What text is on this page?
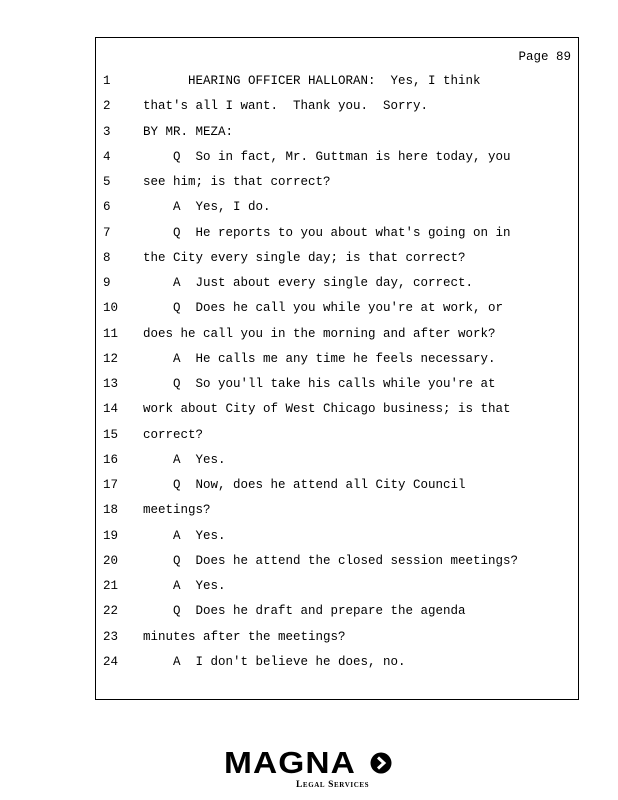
Page 89
1	HEARING OFFICER HALLORAN:  Yes, I think
2	that's all I want.  Thank you.  Sorry.
3	BY MR. MEZA:
4	Q  So in fact, Mr. Guttman is here today, you
5	see him; is that correct?
6	A  Yes, I do.
7	Q  He reports to you about what's going on in
8	the City every single day; is that correct?
9	A  Just about every single day, correct.
10	Q  Does he call you while you're at work, or
11	does he call you in the morning and after work?
12	A  He calls me any time he feels necessary.
13	Q  So you'll take his calls while you're at
14	work about City of West Chicago business; is that
15	correct?
16	A  Yes.
17	Q  Now, does he attend all City Council
18	meetings?
19	A  Yes.
20	Q  Does he attend the closed session meetings?
21	A  Yes.
22	Q  Does he draft and prepare the agenda
23	minutes after the meetings?
24	A  I don't believe he does, no.
MAGNA
Legal Services
